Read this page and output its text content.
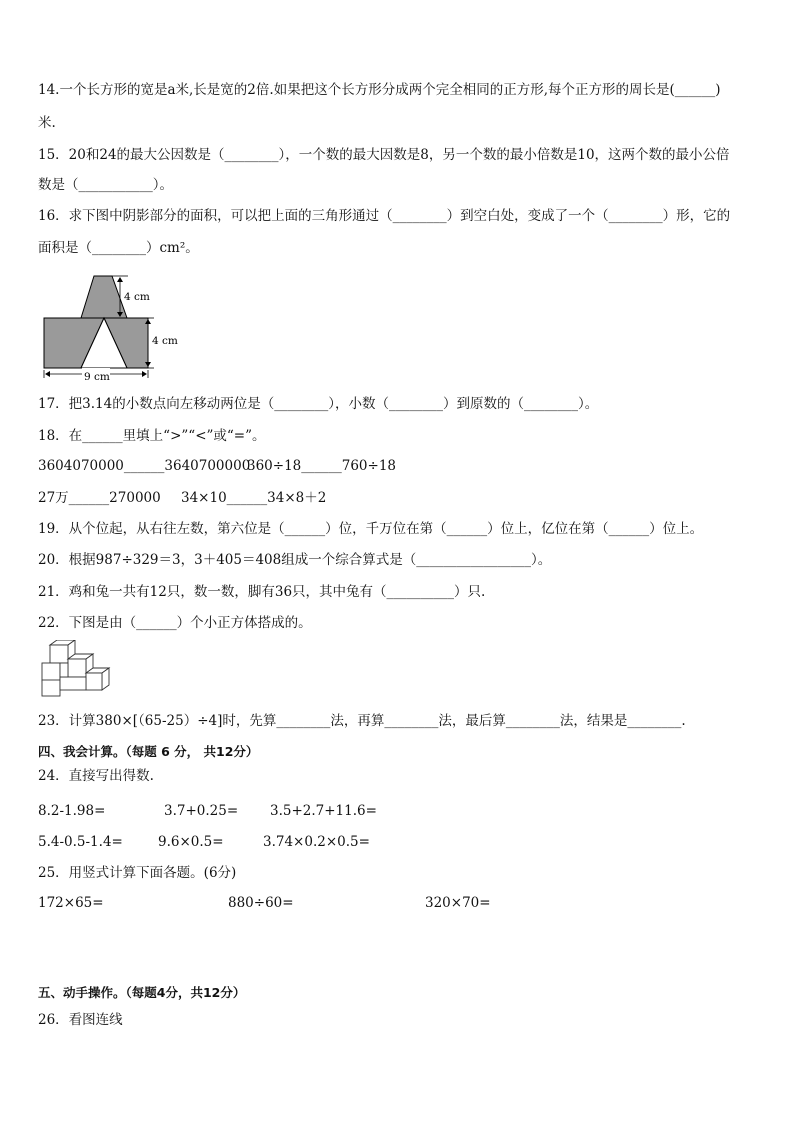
14.一个长方形的宽是a米,长是宽的2倍.如果把这个长方形分成两个完全相同的正方形,每个正方形的周长是(______)
米.
15．20和24的最大公因数是（________），一个数的最大因数是8，另一个数的最小倍数是10，这两个数的最小公倍
数是（___________）。
16．求下图中阴影部分的面积，可以把上面的三角形通过（________）到空白处，变成了一个（________）形，它的
面积是（________）cm²。
4 cm
4 cm
9 cm
17．把3.14的小数点向左移动两位是（________），小数（________）到原数的（________）。
18．在______里填上“>”“<”或“=”。
3604070000______3640700000
360÷18______760÷18
27万______270000 34×10______34×8＋2
19．从个位起，从右往左数，第六位是（______）位，千万位在第（______）位上，亿位在第（______）位上。
20．根据987÷329＝3，3＋405＝408组成一个综合算式是（_________________）。
21．鸡和兔一共有12只，数一数，脚有36只，其中兔有（__________）只.
22．下图是由（______）个小正方体搭成的。
23．计算380×[（65-25）÷4]时，先算________法，再算________法，最后算________法，结果是________.
四、我会计算。（每题 6 分， 共12分）
24．直接写出得数.
8.2-1.98=	3.7+0.25= 3.5+2.7+11.6=
5.4-0.5-1.4=	9.6×0.5=	3.74×0.2×0.5=
25．用竖式计算下面各题。(6分)
172×65=	880÷60=	320×70=
五、动手操作。（每题4分，共12分）
26．看图连线
